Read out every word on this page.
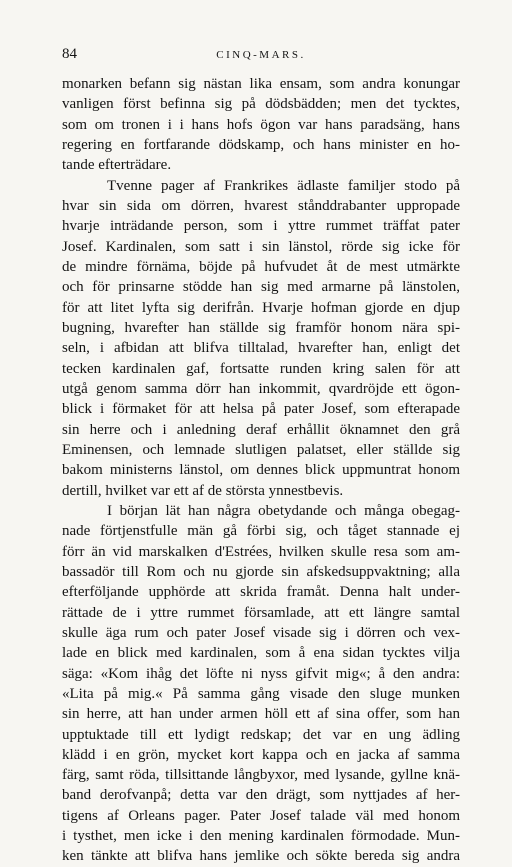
84	CINQ-MARS.
monarken befann sig nästan lika ensam, som andra konungar
vanligen först befinna sig på dödsbädden; men det tycktes,
som om tronen i i hans hofs ögon var hans paradsäng, hans
regering en fortfarande dödskamp, och hans minister en ho-
tande efterträdare.
Tvenne pager af Frankrikes ädlaste familjer stodo på
hvar sin sida om dörren, hvarest stånddrabanter uppropade
hvarje inträdande person, som i yttre rummet träffat pater
Josef. Kardinalen, som satt i sin länstol, rörde sig icke för
de mindre förnäma, böjde på hufvudet åt de mest utmärkte
och för prinsarne stödde han sig med armarne på länstolen,
för att litet lyfta sig derifrån. Hvarje hofman gjorde en djup
bugning, hvarefter han ställde sig framför honom nära spi-
seln, i afbidan att blifva tilltalad, hvarefter han, enligt det
tecken kardinalen gaf, fortsatte runden kring salen för att
utgå genom samma dörr han inkommit, qvardröjde ett ögon-
blick i förmaket för att helsa på pater Josef, som efterapade
sin herre och i anledning deraf erhållit öknamnet den grå
Eminensen, och lemnade slutligen palatset, eller ställde sig
bakom ministerns länstol, om dennes blick uppmuntrat honom
dertill, hvilket var ett af de största ynnestbevis.
I början lät han några obetydande och många obegag-
nade förtjenstfulle män gå förbi sig, och tåget stannade ej
förr än vid marskalken d'Estrées, hvilken skulle resa som am-
bassadör till Rom och nu gjorde sin afskedsuppvaktning; alla
efterföljande upphörde att skrida framåt. Denna halt under-
rättade de i yttre rummet församlade, att ett längre samtal
skulle äga rum och pater Josef visade sig i dörren och vex-
lade en blick med kardinalen, som å ena sidan tycktes vilja
säga: «Kom ihåg det löfte ni nyss gifvit mig«; å den andra:
«Lita på mig.« På samma gång visade den sluge munken
sin herre, att han under armen höll ett af sina offer, som han
upptuktade till ett lydigt redskap; det var en ung ädling
klädd i en grön, mycket kort kappa och en jacka af samma
färg, samt röda, tillsittande långbyxor, med lysande, gyllne knä-
band derofvanpå; detta var den drägt, som nyttjades af her-
tigens af Orleans pager. Pater Josef talade väl med honom
i tysthet, men icke i den mening kardinalen förmodade. Mun-
ken tänkte att blifva hans jemlike och sökte bereda sig andra
